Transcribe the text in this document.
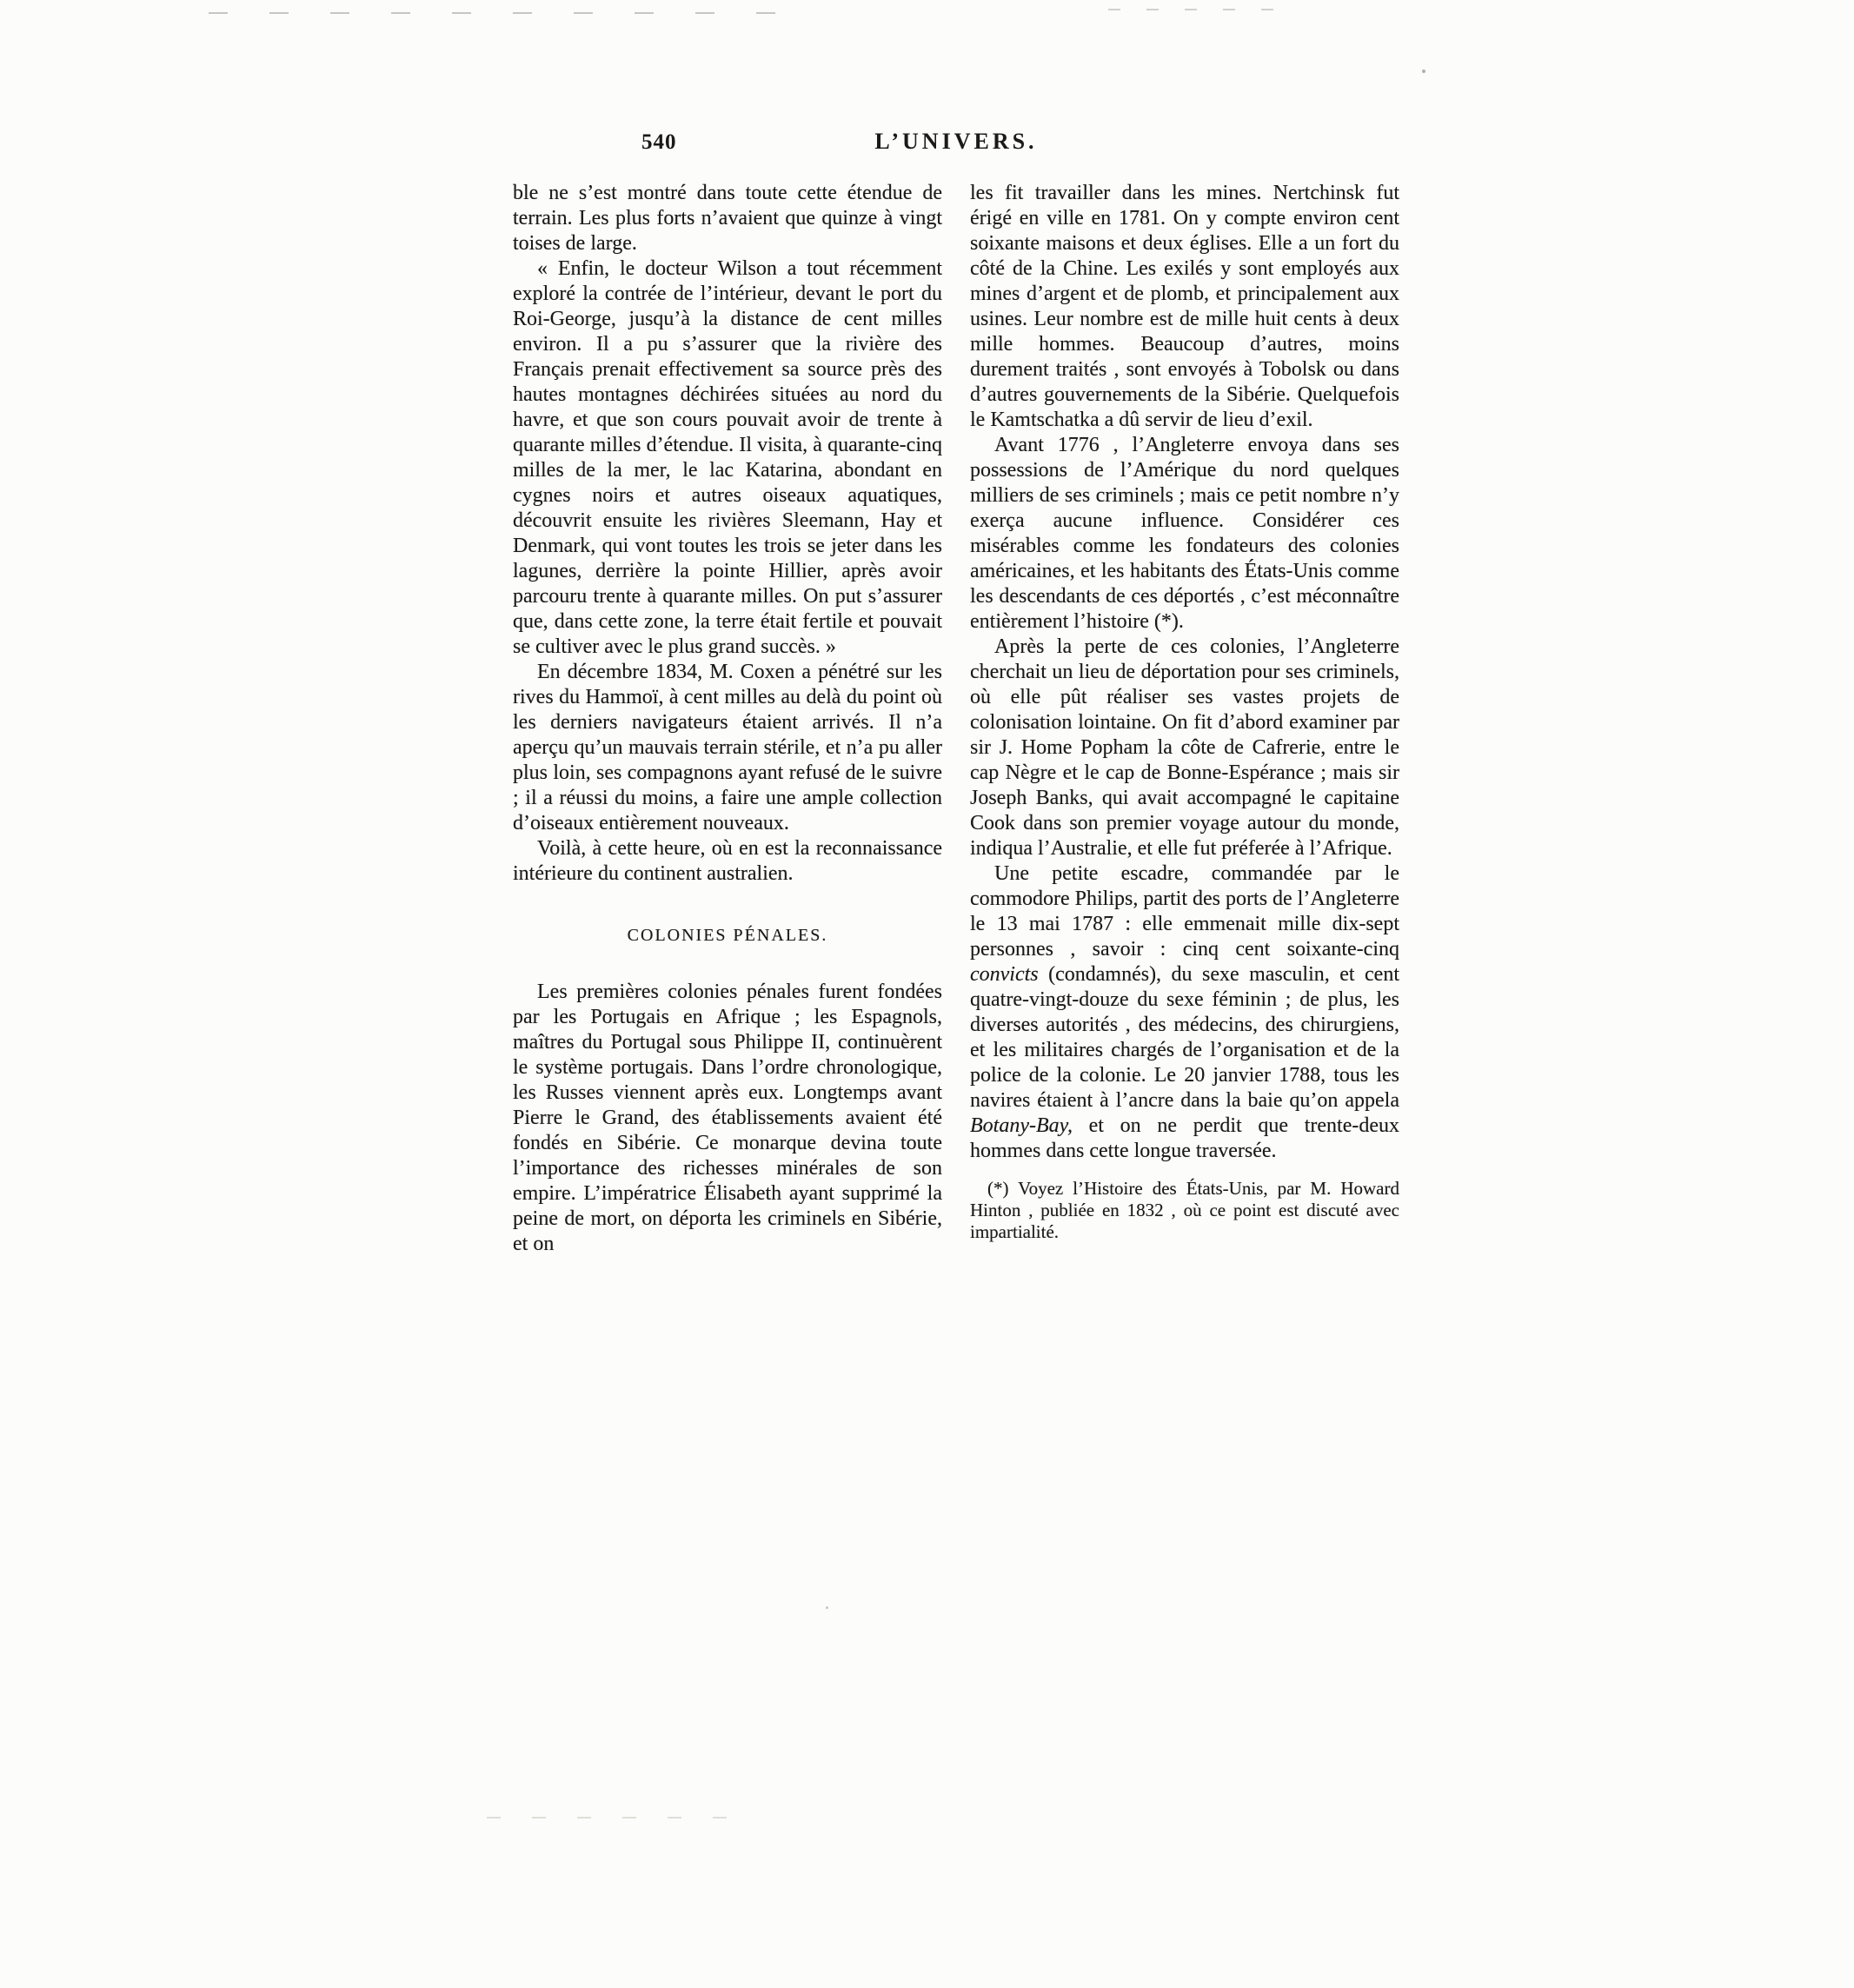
540	L’UNIVERS.

ble ne s’est montré dans toute cette étendue de terrain. Les plus forts n’avaient que quinze à vingt toises de large.

« Enfin, le docteur Wilson a tout récemment exploré la contrée de l’intérieur, devant le port du Roi-George, jusqu’à la distance de cent milles environ. Il a pu s’assurer que la rivière des Français prenait effectivement sa source près des hautes montagnes déchirées situées au nord du havre, et que son cours pouvait avoir de trente à quarante milles d’étendue. Il visita, à quarante-cinq milles de la mer, le lac Katarina, abondant en cygnes noirs et autres oiseaux aquatiques, découvrit ensuite les rivières Sleemann, Hay et Denmark, qui vont toutes les trois se jeter dans les lagunes, derrière la pointe Hillier, après avoir parcouru trente à quarante milles. On put s’assurer que, dans cette zone, la terre était fertile et pouvait se cultiver avec le plus grand succès. »

En décembre 1834, M. Coxen a pénétré sur les rives du Hammoï, à cent milles au delà du point où les derniers navigateurs étaient arrivés. Il n’a aperçu qu’un mauvais terrain stérile, et n’a pu aller plus loin, ses compagnons ayant refusé de le suivre ; il a réussi du moins, a faire une ample collection d’oiseaux entièrement nouveaux.

Voilà, à cette heure, où en est la reconnaissance intérieure du continent australien.

COLONIES PÉNALES.

Les premières colonies pénales furent fondées par les Portugais en Afrique ; les Espagnols, maîtres du Portugal sous Philippe II, continuèrent le système portugais. Dans l’ordre chronologique, les Russes viennent après eux. Longtemps avant Pierre le Grand, des établissements avaient été fondés en Sibérie. Ce monarque devina toute l’importance des richesses minérales de son empire. L’impératrice Élisabeth ayant supprimé la peine de mort, on déporta les criminels en Sibérie, et on

les fit travailler dans les mines. Nertchinsk fut érigé en ville en 1781. On y compte environ cent soixante maisons et deux églises. Elle a un fort du côté de la Chine. Les exilés y sont employés aux mines d’argent et de plomb, et principalement aux usines. Leur nombre est de mille huit cents à deux mille hommes. Beaucoup d’autres, moins durement traités , sont envoyés à Tobolsk ou dans d’autres gouvernements de la Sibérie. Quelquefois le Kamtschatka a dû servir de lieu d’exil.

Avant 1776 , l’Angleterre envoya dans ses possessions de l’Amérique du nord quelques milliers de ses criminels ; mais ce petit nombre n’y exerça aucune influence. Considérer ces misérables comme les fondateurs des colonies américaines, et les habitants des États-Unis comme les descendants de ces déportés , c’est méconnaître entièrement l’histoire (*).

Après la perte de ces colonies, l’Angleterre cherchait un lieu de déportation pour ses criminels, où elle pût réaliser ses vastes projets de colonisation lointaine. On fit d’abord examiner par sir J. Home Popham la côte de Cafrerie, entre le cap Nègre et le cap de Bonne-Espérance ; mais sir Joseph Banks, qui avait accompagné le capitaine Cook dans son premier voyage autour du monde, indiqua l’Australie, et elle fut préferée à l’Afrique.

Une petite escadre, commandée par le commodore Philips, partit des ports de l’Angleterre le 13 mai 1787 : elle emmenait mille dix-sept personnes , savoir : cinq cent soixante-cinq convicts (condamnés), du sexe masculin, et cent quatre-vingt-douze du sexe féminin ; de plus, les diverses autorités , des médecins, des chirurgiens, et les militaires chargés de l’organisation et de la police de la colonie. Le 20 janvier 1788, tous les navires étaient à l’ancre dans la baie qu’on appela Botany-Bay, et on ne perdit que trente-deux hommes dans cette longue traversée.

(*) Voyez l’Histoire des États-Unis, par M. Howard Hinton , publiée en 1832 , où ce point est discuté avec impartialité.
